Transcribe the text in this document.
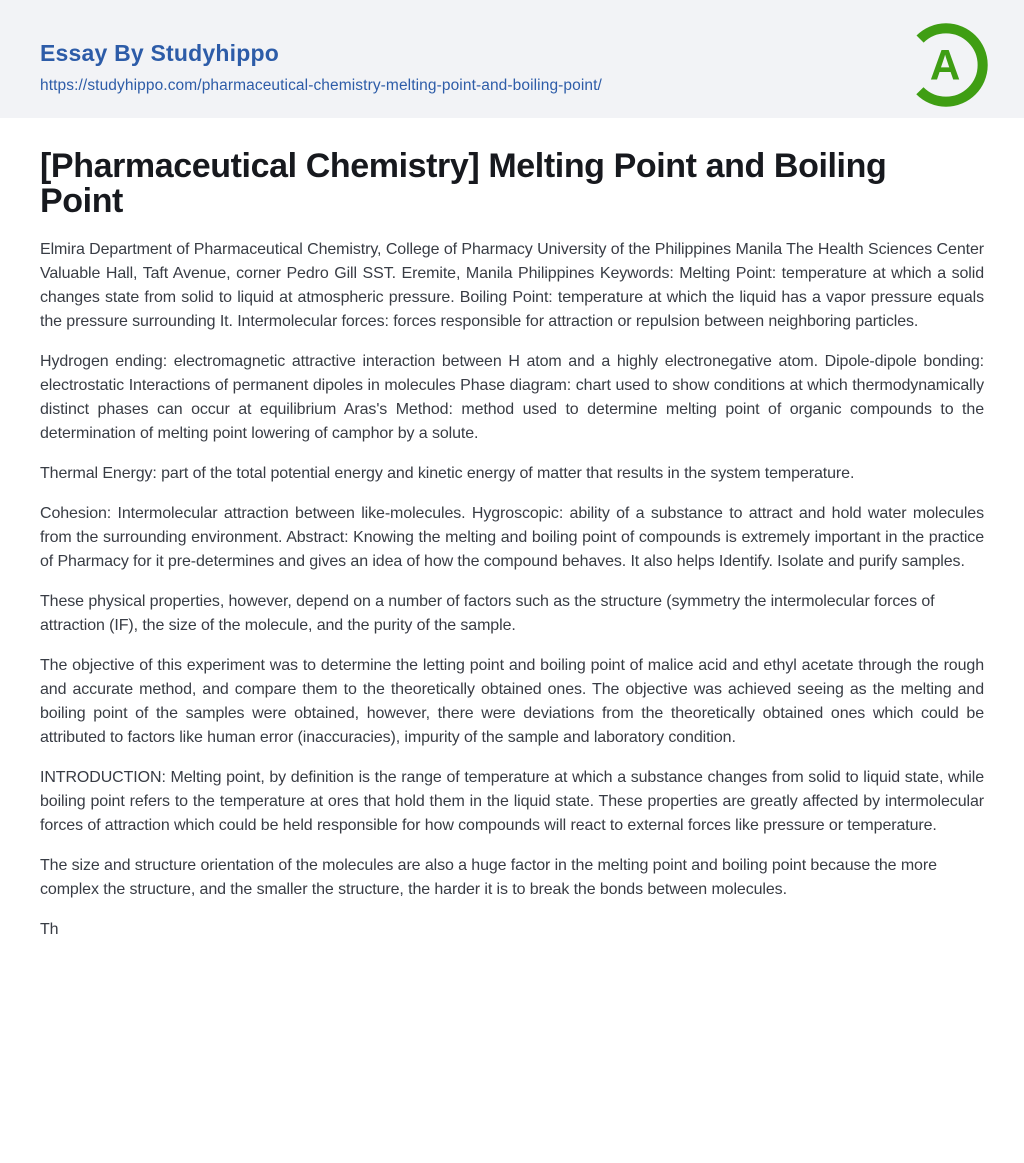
Essay By Studyhippo
https://studyhippo.com/pharmaceutical-chemistry-melting-point-and-boiling-point/	A
[Pharmaceutical Chemistry] Melting Point and Boiling Point

Elmira Department of Pharmaceutical Chemistry, College of Pharmacy University of the Philippines Manila The Health Sciences Center Valuable Hall, Taft Avenue, corner Pedro Gill SST. Eremite, Manila Philippines Keywords: Melting Point: temperature at which a solid changes state from solid to liquid at atmospheric pressure. Boiling Point: temperature at which the liquid has a vapor pressure equals the pressure surrounding It. Intermolecular forces: forces responsible for attraction or repulsion between neighboring particles.

Hydrogen ending: electromagnetic attractive interaction between H atom and a highly electronegative atom. Dipole-dipole bonding: electrostatic Interactions of permanent dipoles in molecules Phase diagram: chart used to show conditions at which thermodynamically distinct phases can occur at equilibrium Aras's Method: method used to determine melting point of organic compounds to the determination of melting point lowering of camphor by a solute.

Thermal Energy: part of the total potential energy and kinetic energy of matter that results in the system temperature.

Cohesion: Intermolecular attraction between like-molecules. Hygroscopic: ability of a substance to attract and hold water molecules from the surrounding environment. Abstract: Knowing the melting and boiling point of compounds is extremely important in the practice of Pharmacy for it pre-determines and gives an idea of how the compound behaves. It also helps Identify. Isolate and purify samples.

These physical properties, however, depend on a number of factors such as the structure (symmetry the intermolecular forces of attraction (IF), the size of the molecule, and the purity of the sample.

The objective of this experiment was to determine the letting point and boiling point of malice acid and ethyl acetate through the rough and accurate method, and compare them to the theoretically obtained ones. The objective was achieved seeing as the melting and boiling point of the samples were obtained, however, there were deviations from the theoretically obtained ones which could be attributed to factors like human error (inaccuracies), impurity of the sample and laboratory condition.

INTRODUCTION: Melting point, by definition is the range of temperature at which a substance changes from solid to liquid state, while boiling point refers to the temperature at ores that hold them in the liquid state. These properties are greatly affected by intermolecular forces of attraction which could be held responsible for how compounds will react to external forces like pressure or temperature.

The size and structure orientation of the molecules are also a huge factor in the melting point and boiling point because the more complex the structure, and the smaller the structure, the harder it is to break the bonds between molecules.

Th
